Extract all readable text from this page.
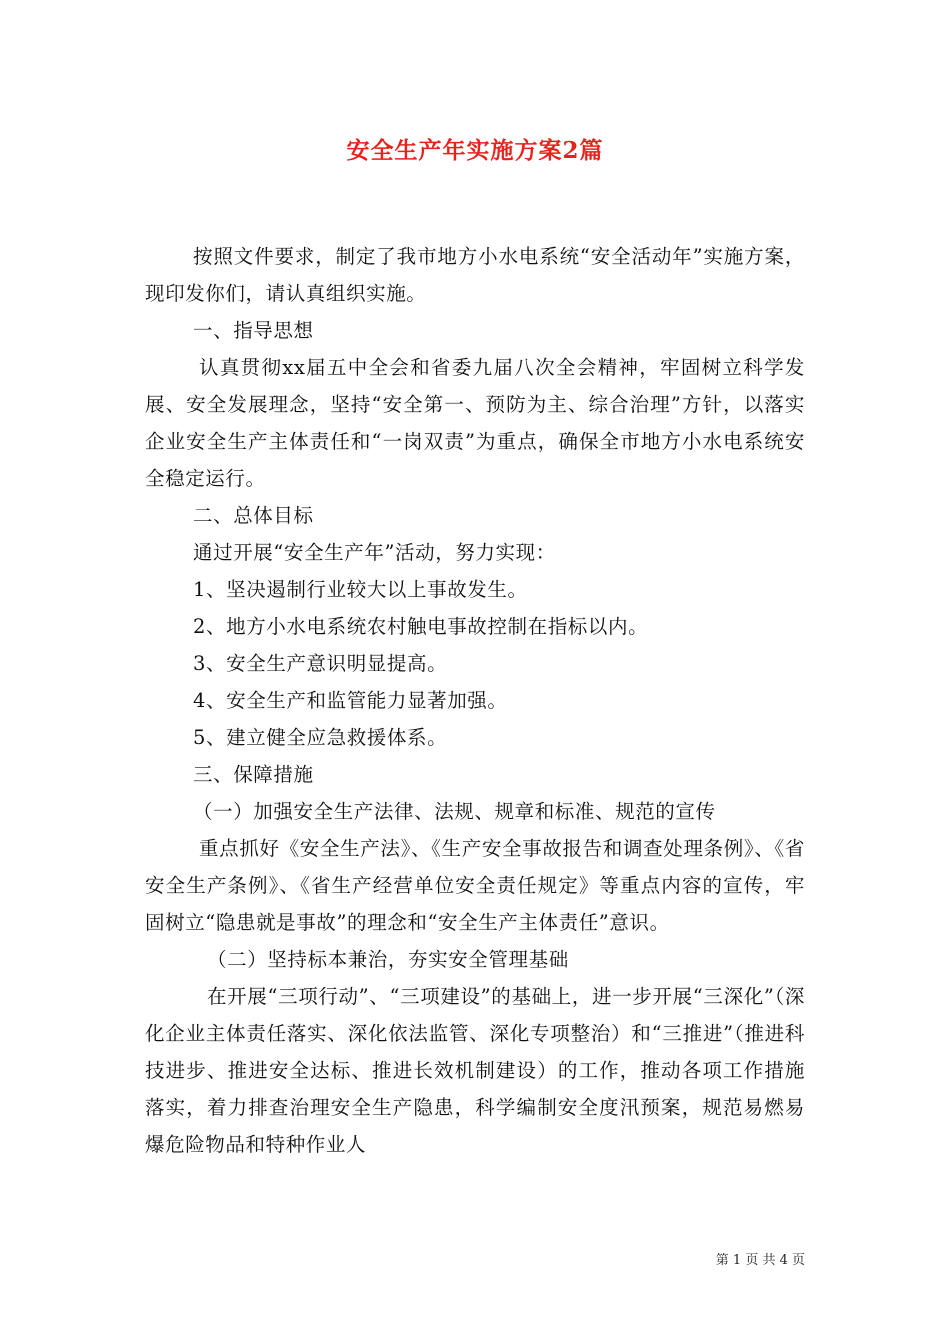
安全生产年实施方案2篇

按照文件要求，制定了我市地方小水电系统“安全活动年”实施方案，现印发你们，请认真组织实施。

一、指导思想

认真贯彻xx届五中全会和省委九届八次全会精神，牢固树立科学发展、安全发展理念，坚持“安全第一、预防为主、综合治理”方针，以落实企业安全生产主体责任和“一岗双责”为重点，确保全市地方小水电系统安全稳定运行。

二、总体目标

通过开展“安全生产年”活动，努力实现：

1、坚决遏制行业较大以上事故发生。

2、地方小水电系统农村触电事故控制在指标以内。

3、安全生产意识明显提高。

4、安全生产和监管能力显著加强。

5、建立健全应急救援体系。

三、保障措施

（一）加强安全生产法律、法规、规章和标准、规范的宣传

重点抓好《安全生产法》、《生产安全事故报告和调查处理条例》、《省安全生产条例》、《省生产经营单位安全责任规定》等重点内容的宣传，牢固树立“隐患就是事故”的理念和“安全生产主体责任”意识。

（二）坚持标本兼治，夯实安全管理基础

在开展“三项行动”、“三项建设”的基础上，进一步开展“三深化”（深化企业主体责任落实、深化依法监管、深化专项整治）和“三推进”（推进科技进步、推进安全达标、推进长效机制建设）的工作，推动各项工作措施落实，着力排查治理安全生产隐患，科学编制安全度汛预案，规范易燃易爆危险物品和特种作业人

第 1 页 共 4 页
